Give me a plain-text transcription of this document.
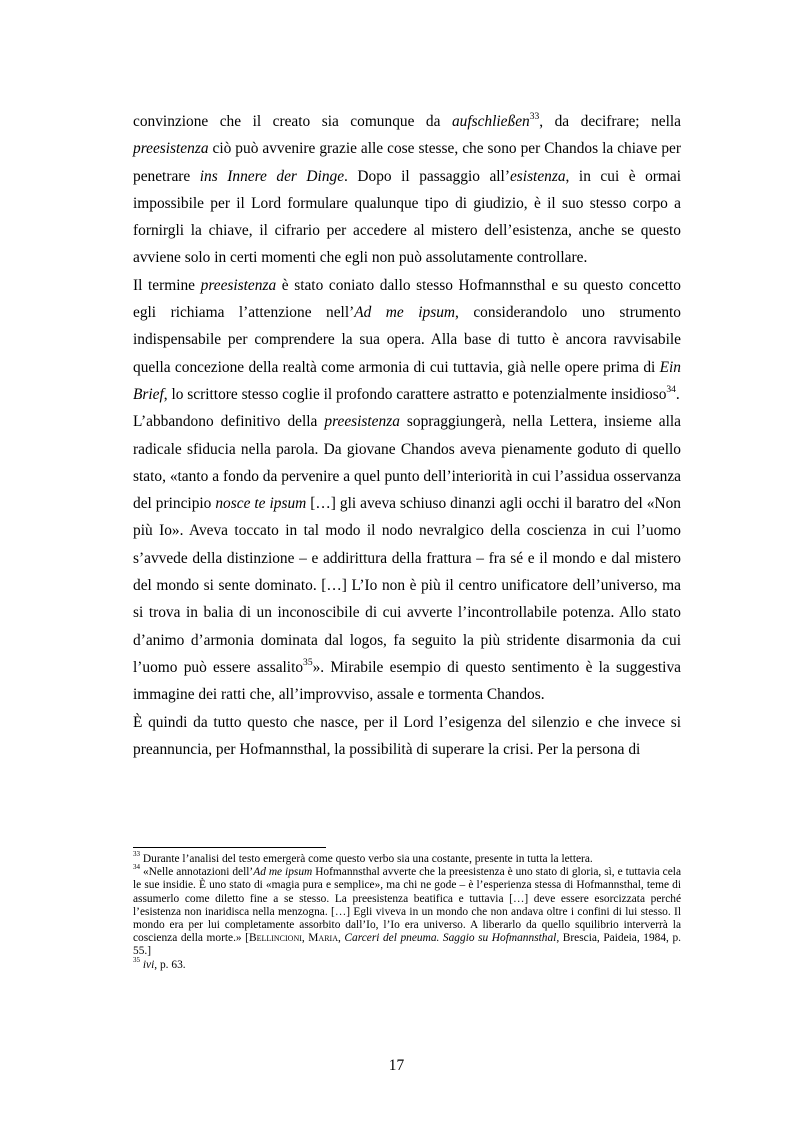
convinzione che il creato sia comunque da aufschließen$^{33}$, da decifrare; nella preesistenza ciò può avvenire grazie alle cose stesse, che sono per Chandos la chiave per penetrare ins Innere der Dinge. Dopo il passaggio all’esistenza, in cui è ormai impossibile per il Lord formulare qualunque tipo di giudizio, è il suo stesso corpo a fornirgli la chiave, il cifrario per accedere al mistero dell’esistenza, anche se questo avviene solo in certi momenti che egli non può assolutamente controllare.

Il termine preesistenza è stato coniato dallo stesso Hofmannsthal e su questo concetto egli richiama l’attenzione nell’Ad me ipsum, considerandolo uno strumento indispensabile per comprendere la sua opera. Alla base di tutto è ancora ravvisabile quella concezione della realtà come armonia di cui tuttavia, già nelle opere prima di Ein Brief, lo scrittore stesso coglie il profondo carattere astratto e potenzialmente insidioso$^{34}$.

L’abbandono definitivo della preesistenza sopraggiungerà, nella Lettera, insieme alla radicale sfiducia nella parola. Da giovane Chandos aveva pienamente goduto di quello stato, «tanto a fondo da pervenire a quel punto dell’interiorità in cui l’assidua osservanza del principio nosce te ipsum […] gli aveva schiuso dinanzi agli occhi il baratro del «Non più Io». Aveva toccato in tal modo il nodo nevralgico della coscienza in cui l’uomo s’avvede della distinzione – e addirittura della frattura – fra sé e il mondo e dal mistero del mondo si sente dominato. […] L’Io non è più il centro unificatore dell’universo, ma si trova in balia di un inconoscibile di cui avverte l’incontrollabile potenza. Allo stato d’animo d’armonia dominata dal logos, fa seguito la più stridente disarmonia da cui l’uomo può essere assalito$^{35}$». Mirabile esempio di questo sentimento è la suggestiva immagine dei ratti che, all’improvviso, assale e tormenta Chandos.

È quindi da tutto questo che nasce, per il Lord l’esigenza del silenzio e che invece si preannuncia, per Hofmannsthal, la possibilità di superare la crisi. Per la persona di

$^{33}$ Durante l’analisi del testo emergerà come questo verbo sia una costante, presente in tutta la lettera.

$^{34}$ «Nelle annotazioni dell’Ad me ipsum Hofmannsthal avverte che la preesistenza è uno stato di gloria, sì, e tuttavia cela le sue insidie. È uno stato di «magia pura e semplice», ma chi ne gode – è l’esperienza stessa di Hofmannsthal, teme di assumerlo come diletto fine a se stesso. La preesistenza beatifica e tuttavia […] deve essere esorcizzata perché l’esistenza non inaridisca nella menzogna. […] Egli viveva in un mondo che non andava oltre i confini di lui stesso. Il mondo era per lui completamente assorbito dall’Io, l’Io era universo. A liberarlo da quello squilibrio interverrà la coscienza della morte.» [Bellincioni, Maria, Carceri del pneuma. Saggio su Hofmannsthal, Brescia, Paideia, 1984, p. 55.]

$^{35}$ ivi, p. 63.

17
